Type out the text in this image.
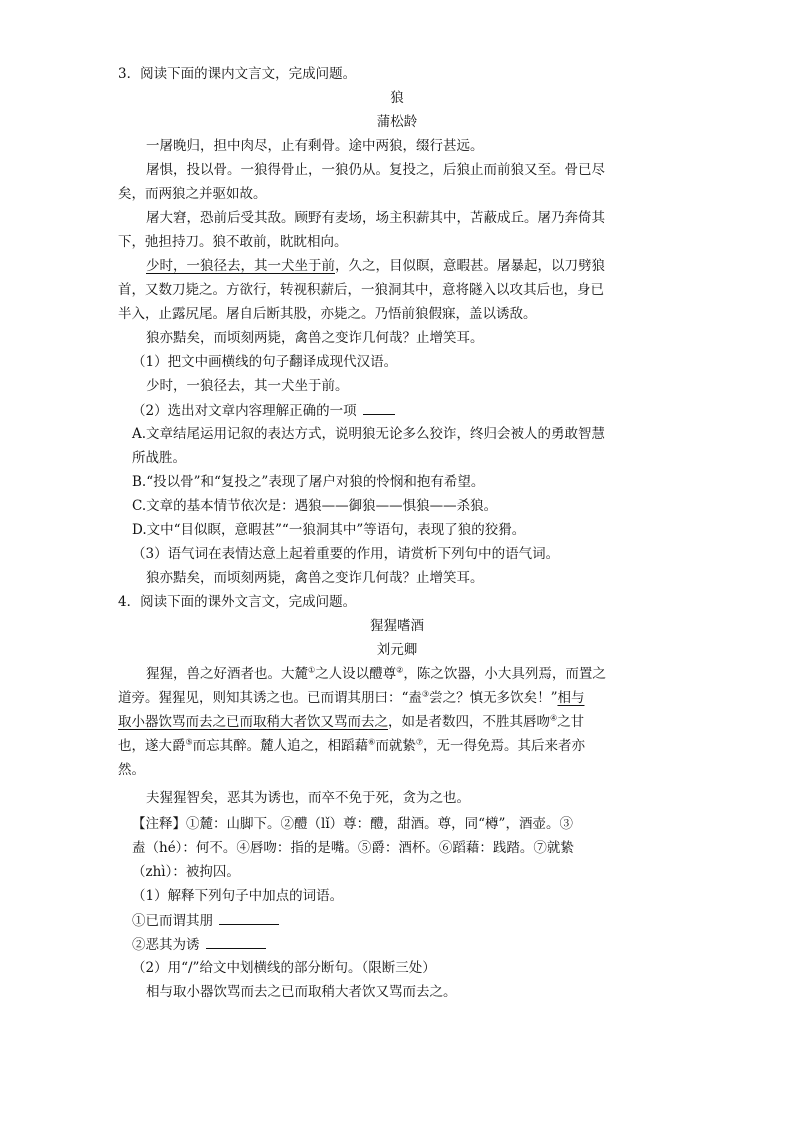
3．阅读下面的课内文言文，完成问题。
狼
蒲松龄
一屠晚归，担中肉尽，止有剩骨。途中两狼，缀行甚远。
屠惧，投以骨。一狼得骨止，一狼仍从。复投之，后狼止而前狼又至。骨已尽
矣，而两狼之并驱如故。
屠大窘，恐前后受其敌。顾野有麦场，场主积薪其中，苫蔽成丘。屠乃奔倚其
下，弛担持刀。狼不敢前，眈眈相向。
少时，一狼径去，其一犬坐于前，久之，目似瞑，意暇甚。屠暴起，以刀劈狼
首，又数刀毙之。方欲行，转视积薪后，一狼洞其中，意将隧入以攻其后也，身已
半入，止露尻尾。屠自后断其股，亦毙之。乃悟前狼假寐，盖以诱敌。
狼亦黠矣，而顷刻两毙，禽兽之变诈几何哉？止增笑耳。
（1）把文中画横线的句子翻译成现代汉语。
少时，一狼径去，其一犬坐于前。
（2）选出对文章内容理解正确的一项
A.文章结尾运用记叙的表达方式，说明狼无论多么狡诈，终归会被人的勇敢智慧
所战胜。
B.“投以骨”和“复投之”表现了屠户对狼的怜悯和抱有希望。
C.文章的基本情节依次是：遇狼——御狼——惧狼——杀狼。
D.文中“目似瞑，意暇甚”“一狼洞其中”等语句，表现了狼的狡猾。
（3）语气词在表情达意上起着重要的作用，请赏析下列句中的语气词。
狼亦黠矣，而顷刻两毙，禽兽之变诈几何哉？止增笑耳。
4．阅读下面的课外文言文，完成问题。
猩猩嗜酒
刘元卿
猩猩，兽之好酒者也。大麓①之人设以醴尊②，陈之饮器，小大具列焉，而置之
道旁。猩猩见，则知其诱之也。已而谓其朋曰：“盍③尝之？慎无多饮矣！”相与
取小器饮骂而去之已而取稍大者饮又骂而去之，如是者数四，不胜其唇吻④之甘
也，遂大爵⑤而忘其醉。麓人追之，相蹈藉⑥而就絷⑦，无一得免焉。其后来者亦
然。
夫猩猩智矣，恶其为诱也，而卒不免于死，贪为之也。
【注释】①麓：山脚下。②醴（lǐ）尊：醴，甜酒。尊，同“樽”，酒壶。③
盍（hé）：何不。④唇吻：指的是嘴。⑤爵：酒杯。⑥蹈藉：践踏。⑦就絷
（zhì）：被拘囚。
（1）解释下列句子中加点的词语。
①已而谓其朋
②恶其为诱
（2）用“/”给文中划横线的部分断句。（限断三处）
相与取小器饮骂而去之已而取稍大者饮又骂而去之。
